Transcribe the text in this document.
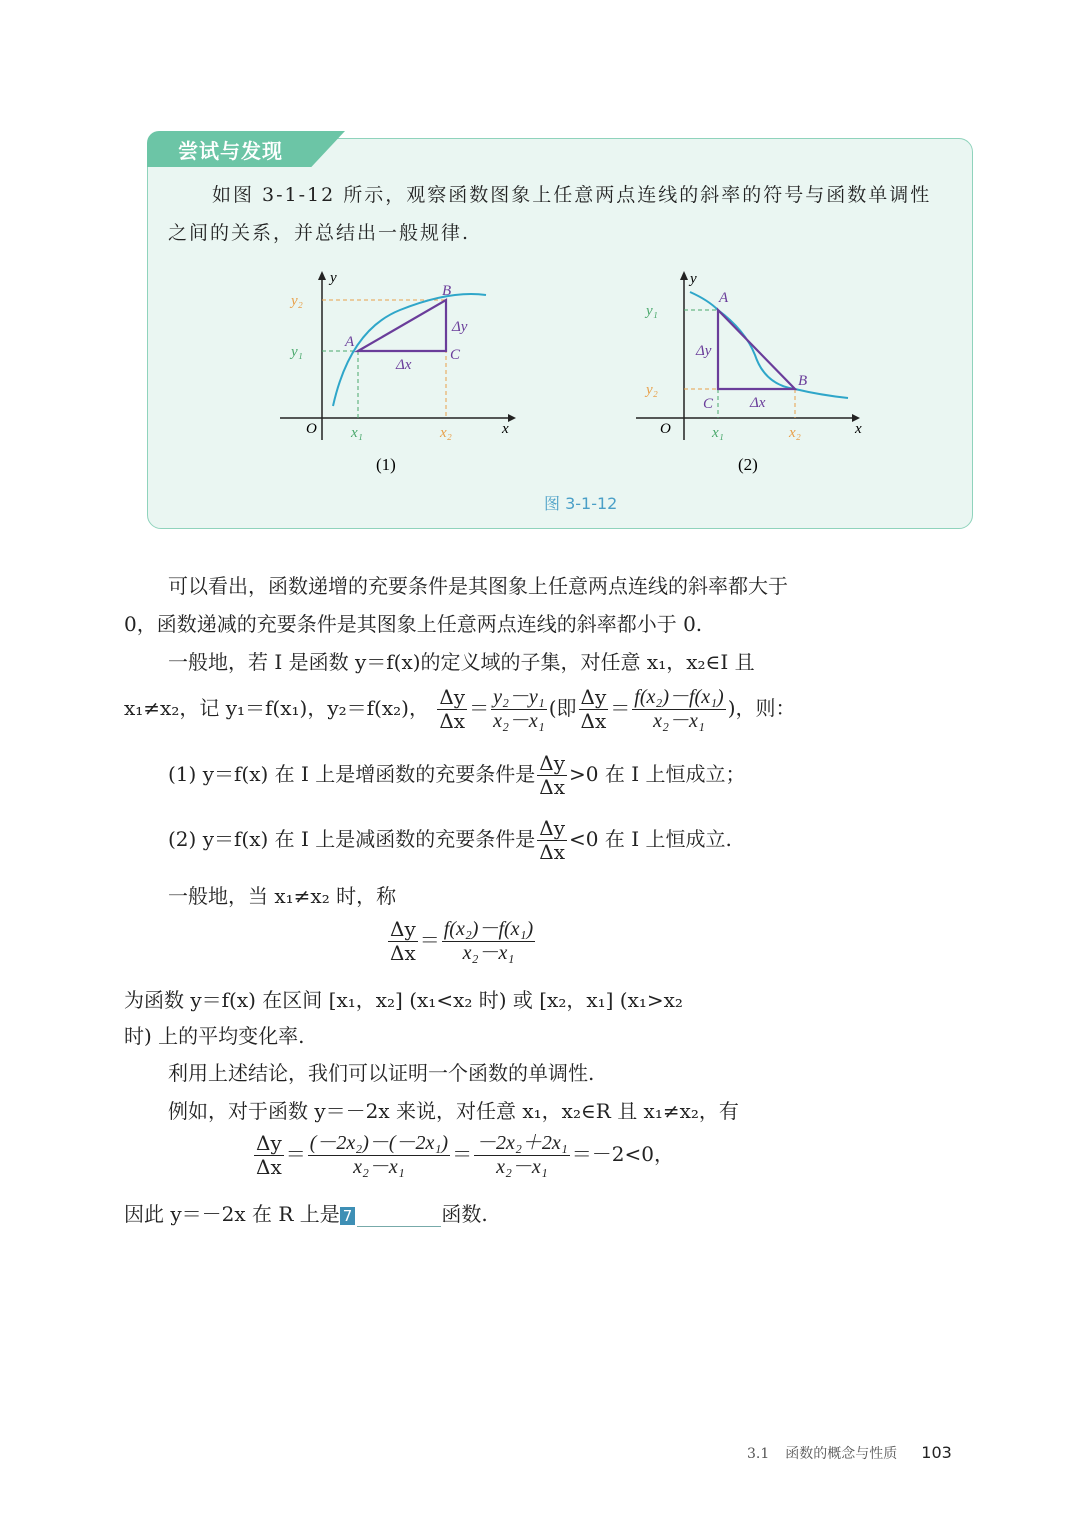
尝试与发现
如图 3-1-12 所示，观察函数图象上任意两点连线的斜率的符号与函数单调性
之间的关系，并总结出一般规律.
y
x
O
y₂
y₁
x₁	x₂
A
B
C
Δy
Δx
(1)
y
x
O
y₁
y₂
x₁	x₂
A
B
C
Δy
Δx
(2)
图 3-1-12
可以看出，函数递增的充要条件是其图象上任意两点连线的斜率都大于
0，函数递减的充要条件是其图象上任意两点连线的斜率都小于 0.
一般地，若 I 是函数 y＝f(x)的定义域的子集，对任意 x₁，x₂∈I 且
x₁≠x₂，记 y₁＝f(x₁)，y₂＝f(x₂)， $\frac{\Delta y}{\Delta x} = \frac{\text{y₂－y₁}}{\text{x₂－x₁}}$ (即 $\frac{\Delta y}{\Delta x} = \frac{\text{f(x₂)－f(x₁)}}{\text{x₂－x₁}}$ )，则：
(1) y＝f(x) 在 I 上是增函数的充要条件是 $\frac{\Delta y}{\Delta x} >0$ 在 I 上恒成立；
(2) y＝f(x) 在 I 上是减函数的充要条件是 $\frac{\Delta y}{\Delta x} <0$ 在 I 上恒成立.
一般地，当 x₁≠x₂ 时，称
$\frac{\Delta y}{\Delta x} = \frac{\text{f(x₂)－f(x₁)}}{\text{x₂－x₁}}$
为函数 y＝f(x) 在区间 [x₁，x₂] (x₁<x₂ 时) 或 [x₂，x₁] (x₁>x₂
时) 上的平均变化率.
利用上述结论，我们可以证明一个函数的单调性.
例如，对于函数 y＝－2x 来说，对任意 x₁，x₂∈R 且 x₁≠x₂，有
$\frac{\Delta y}{\Delta x} = \frac{\text{(－2x₂)－(－2x₁)}}{\text{x₂－x₁}} = \frac{\text{－2x₂＋2x₁}}{\text{x₂－x₁}} =-2<0$，
因此 y＝－2x 在 R 上是 7	函数.
3.1 函数的概念与性质 103
